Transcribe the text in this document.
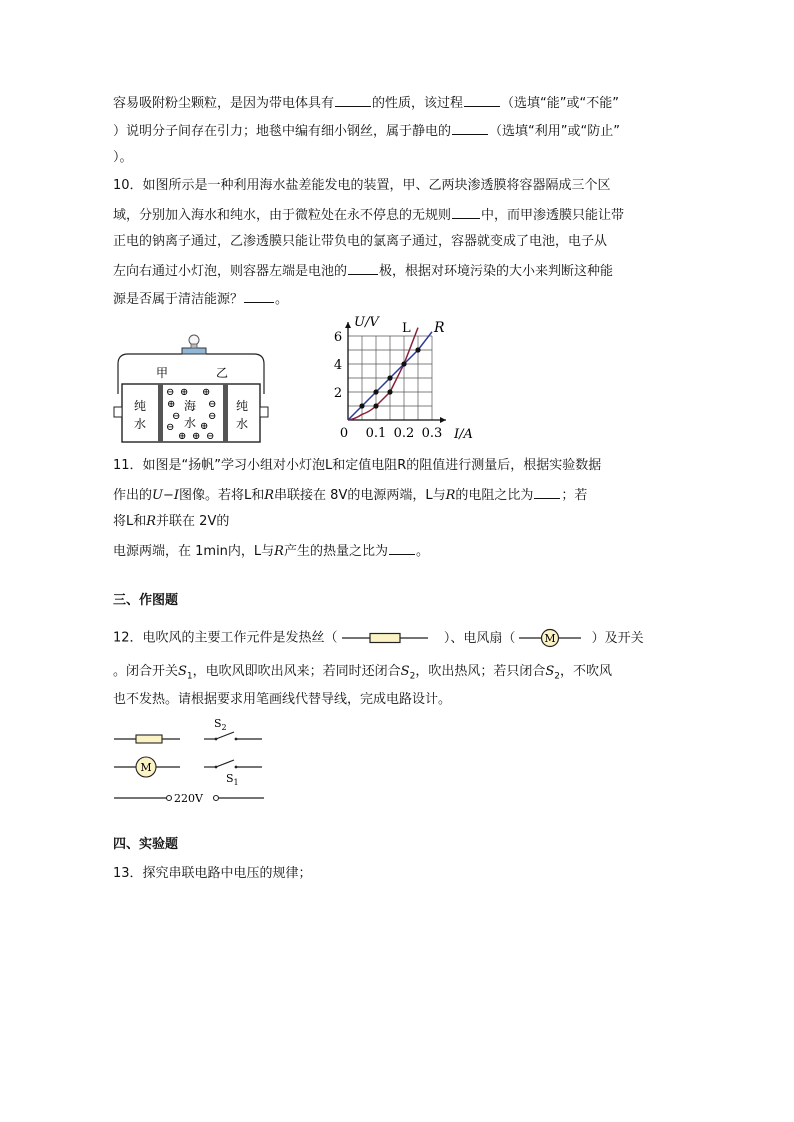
容易吸附粉尘颗粒，是因为带电体具有	的性质，该过程	（选填“能”或“不能”
）说明分子间存在引力；地毯中编有细小钢丝，属于静电的	（选填“利用”或“防止”
）。
10．如图所示是一种利用海水盐差能发电的装置，甲、乙两块渗透膜将容器隔成三个区
域，分别加入海水和纯水，由于微粒处在永不停息的无规则 中，而甲渗透膜只能让带
正电的钠离子通过，乙渗透膜只能让带负电的氯离子通过，容器就变成了电池，电子从
左向右通过小灯泡，则容器左端是电池的 极，根据对环境污染的大小来判断这种能
源是否属于清洁能源？ 。
甲	乙
纯
水
海
水
纯
水
⊖ ⊕ ⊕
⊕	⊖
⊖	⊖
⊕
⊖
⊕ ⊕ ⊖	0 0.1 0.2 0.3
2
4
6
U/V
I/A
L R
11．如图是“扬帆”学习小组对小灯泡L和定值电阻R的阻值进行测量后，根据实验数据
作出的U−I图像。若将L和R串联接在 8V的电源两端，L与R的电阻之比为 ；若
将L和R并联在 2V的
电源两端，在 1min内，L与R产生的热量之比为 。
三、作图题
12．电吹风的主要工作元件是发热丝（	）、电风扇（	M	）及开关
。闭合开关$S_1$，电吹风即吹出风来；若同时还闭合$S_2$，吹出热风；若只闭合$S_2$，不吹风
也不发热。请根据要求用笔画线代替导线，完成电路设计。
$S_2$
M
$S_1$
220V
四、实验题
13．探究串联电路中电压的规律；
